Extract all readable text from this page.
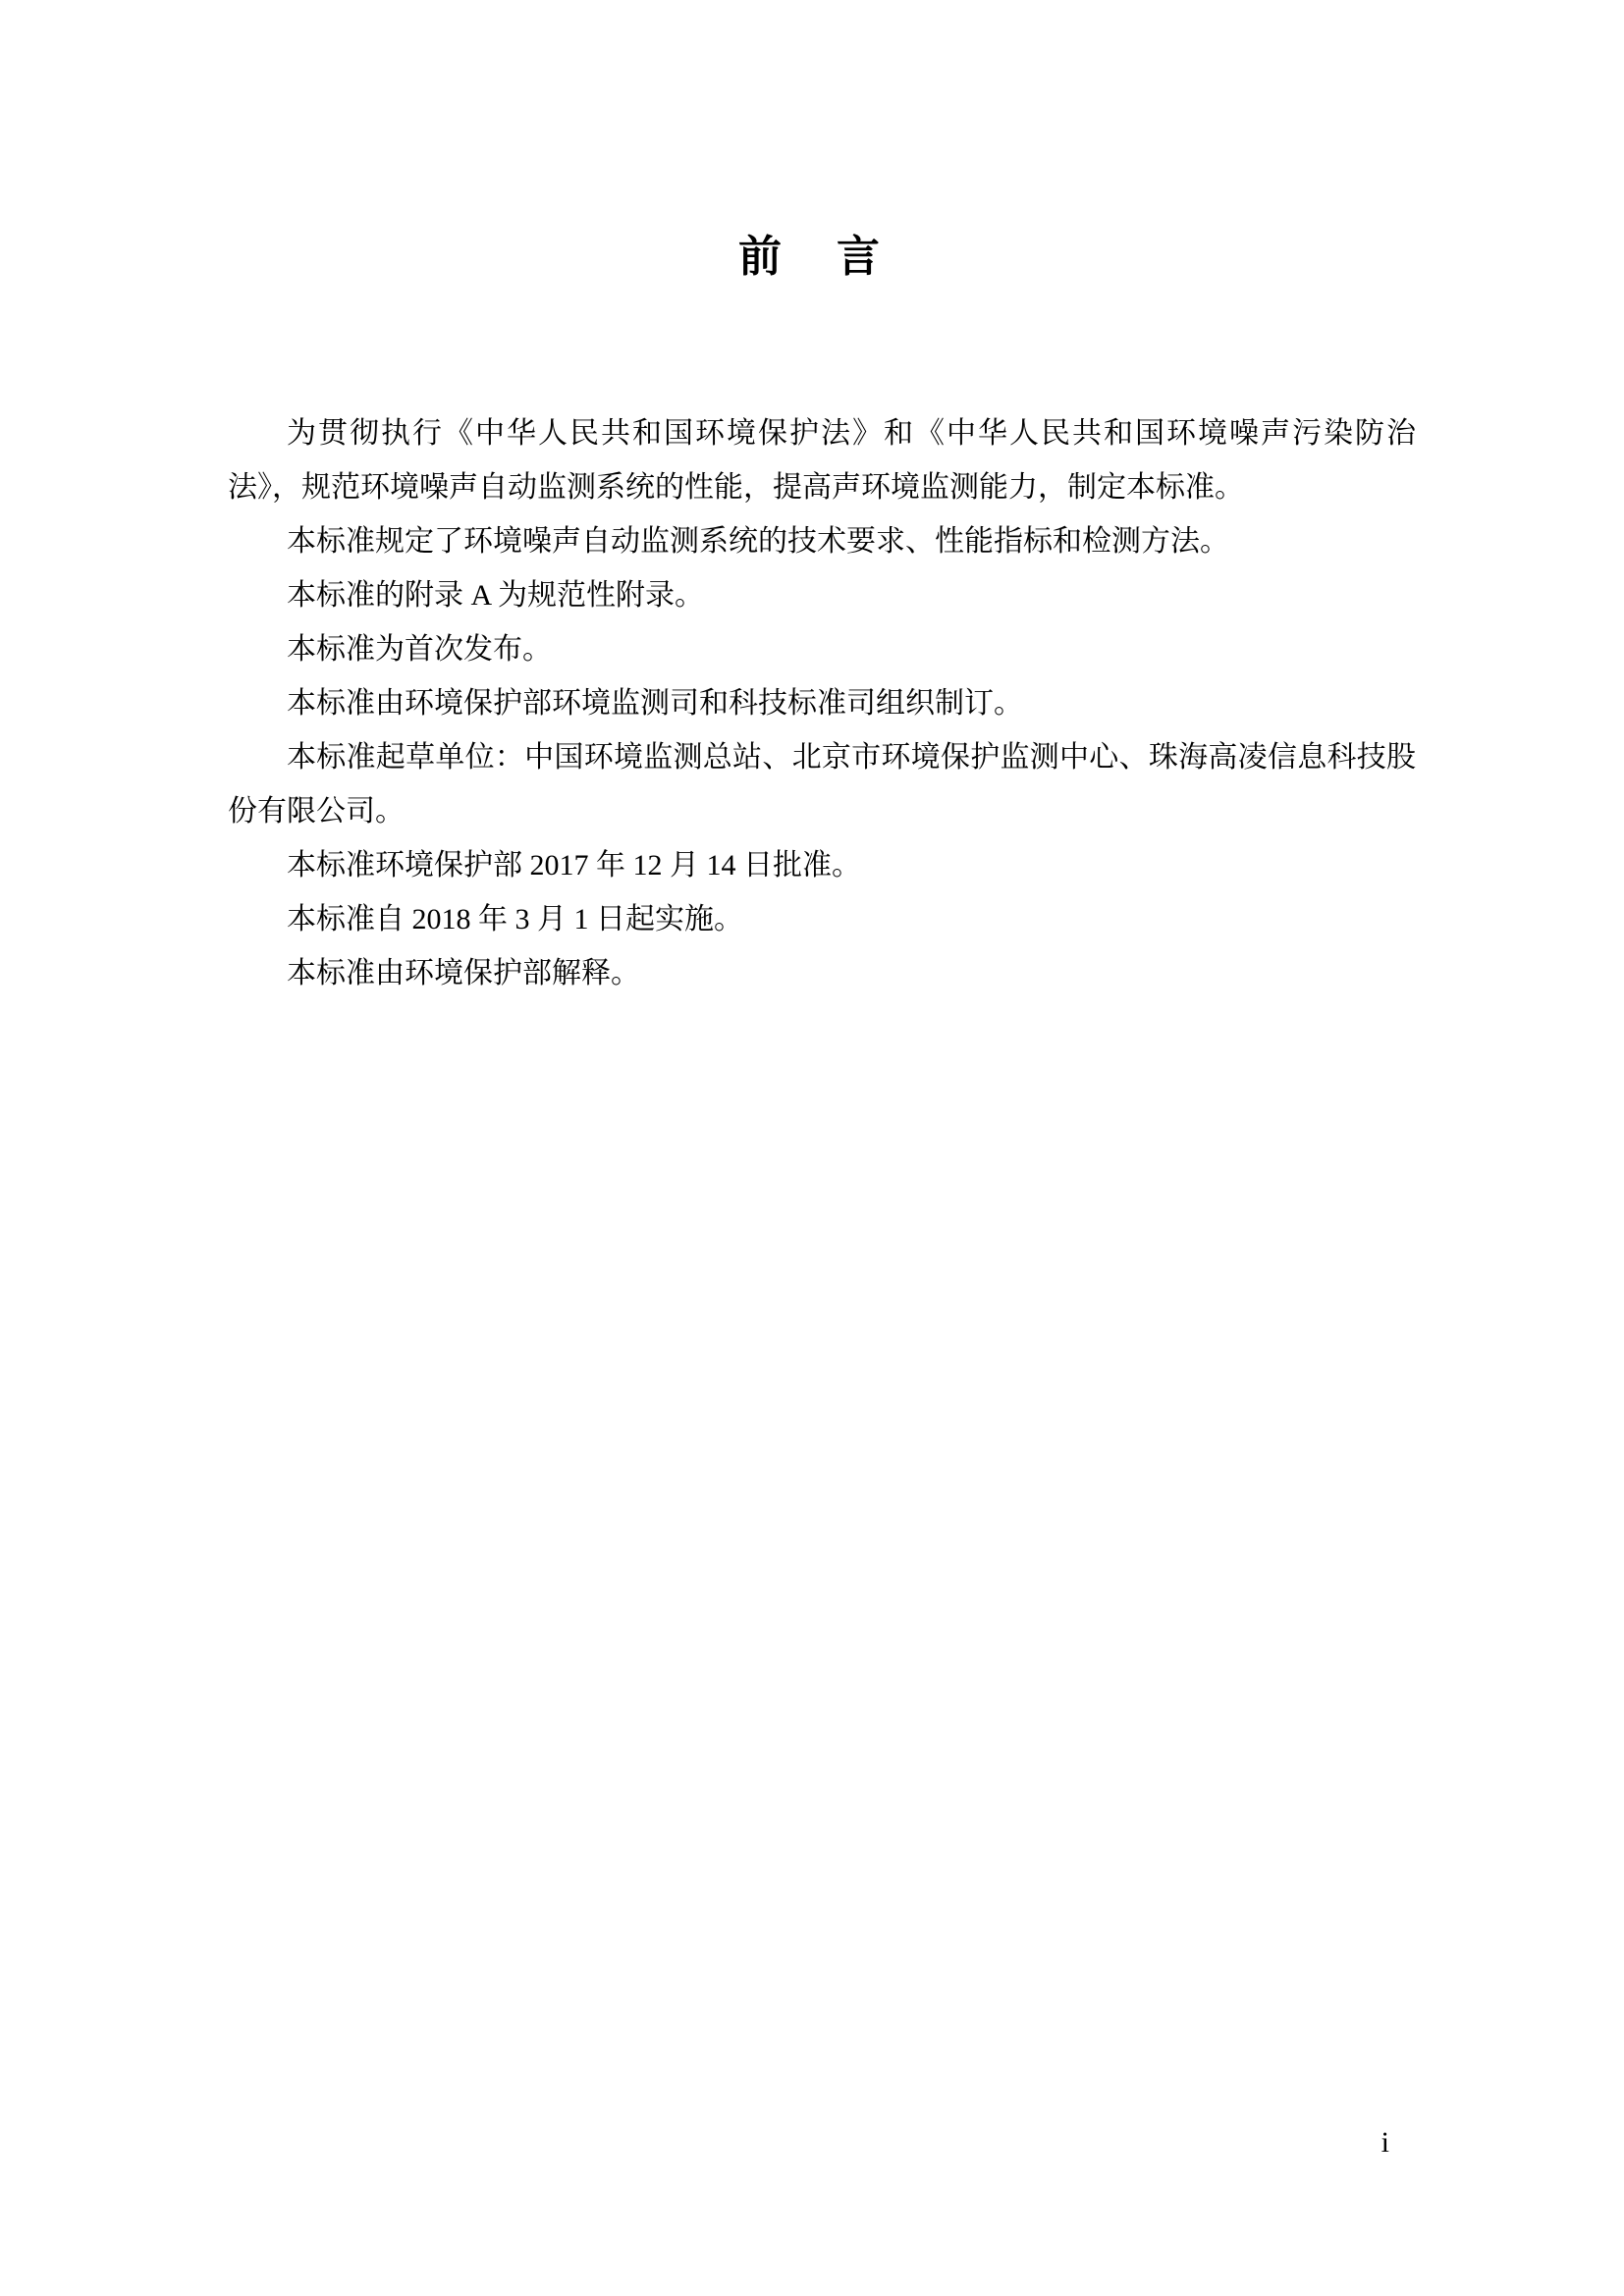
前　言

为贯彻执行《中华人民共和国环境保护法》和《中华人民共和国环境噪声污染防治法》，规范环境噪声自动监测系统的性能，提高声环境监测能力，制定本标准。

本标准规定了环境噪声自动监测系统的技术要求、性能指标和检测方法。

本标准的附录 A 为规范性附录。

本标准为首次发布。

本标准由环境保护部环境监测司和科技标准司组织制订。

本标准起草单位：中国环境监测总站、北京市环境保护监测中心、珠海高凌信息科技股份有限公司。

本标准环境保护部 2017 年 12 月 14 日批准。

本标准自 2018 年 3 月 1 日起实施。

本标准由环境保护部解释。

i
